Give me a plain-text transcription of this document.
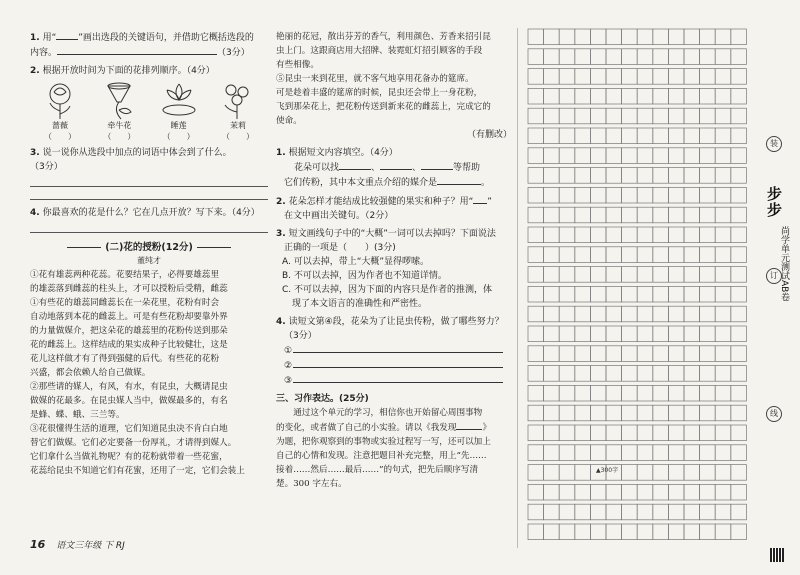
1. 用“ ”画出选段的关键语句，并借助它概括选段的
内容。	（3分）
2. 根据开放时间为下面的花排列顺序。（4分）
蔷薇
（　　）
牵牛花
（　　）
睡莲
（　　）
茉莉
（　　）
3. 说一说你从选段中加点的词语中体会到了什么。
（3分）
4. 你最喜欢的花是什么？它在几点开放？写下来。（4分）
(二)花的授粉(12分)
董纯才
①花有雄蕊两种花蕊。花要结果子，必得要雄蕊里
的雄蕊落到雌蕊的柱头上，才可以授粉后受精，雌蕊
①有些花的雄蕊同雌蕊长在一朵花里，花粉有时会
自动地落到本花的雌蕊上。可是有些花粉却要靠外界
的力量做媒介，把这朵花的雄蕊里的花粉传送到那朵
花的雌蕊上。这样结成的果实成种子比较健壮，这是
花儿这样做才有了得到强健的后代。有些花的花粉
兴盛，都会依赖人给自己做媒。
②那些请的媒人，有风，有水，有昆虫，大概请昆虫
做媒的花最多。在昆虫媒人当中，做媒最多的，有名
是蜂、蝶、蛾、三兰等。
③花很懂得生活的道理，它们知道昆虫决不肯白白地
替它们做媒。它们必定要备一份厚礼，才请得到媒人。
它们拿什么当做礼物呢？有的花粉就带着一些花蜜，
花蕊给昆虫不知道它们有花蜜，还用了一定，它们会装上
艳丽的花冠，散出芬芳的香气，利用颜色、芳香来招引昆
虫上门。这跟商店用大招牌、装霓虹灯招引顾客的手段
有些相像。
⑤昆虫一来到花里，就不客气地享用花备办的筵席。
可是趁着丰盛的筵席的时候，昆虫还会带上一身花粉，
飞到那朵花上，把花粉传送到新来花的雌蕊上，完成它的
使命。
（有删改）
1. 根据短文内容填空。（4分）
花朵可以找	、	、	等帮助
它们传粉，其中本文重点介绍的媒介是	。
2. 花朵怎样才能结成比较强健的果实和种子？用“ ”
在文中画出关键句。（2分）
3. 短文画线句子中的“大概”一词可以去掉吗？下面说法
正确的一项是（　　）(3分)
A. 可以去掉，带上“大概”显得啰嗦。
B. 不可以去掉，因为作者也不知道详情。
C. 不可以去掉，因为下面的内容只是作者的推测，体
现了本文语言的准确性和严密性。
4. 读短文第④段，花朵为了让昆虫传粉，做了哪些努力？
（3分）
①
②
③
三、习作表达。(25分)
通过这个单元的学习，相信你也开始留心周围事物
的变化，或者做了自己的小实验。请以《我发现	》
为题，把你观察到的事物或实验过程写一写，还可以加上
自己的心情和发现。注意把题目补充完整，用上“先……
接着……然后……最后……”的句式，把先后顺序写清
楚。300 字左右。
16 语文三年级 下 RJ
▲300字
装
订
线
步步
尚学单元测试AB卷
